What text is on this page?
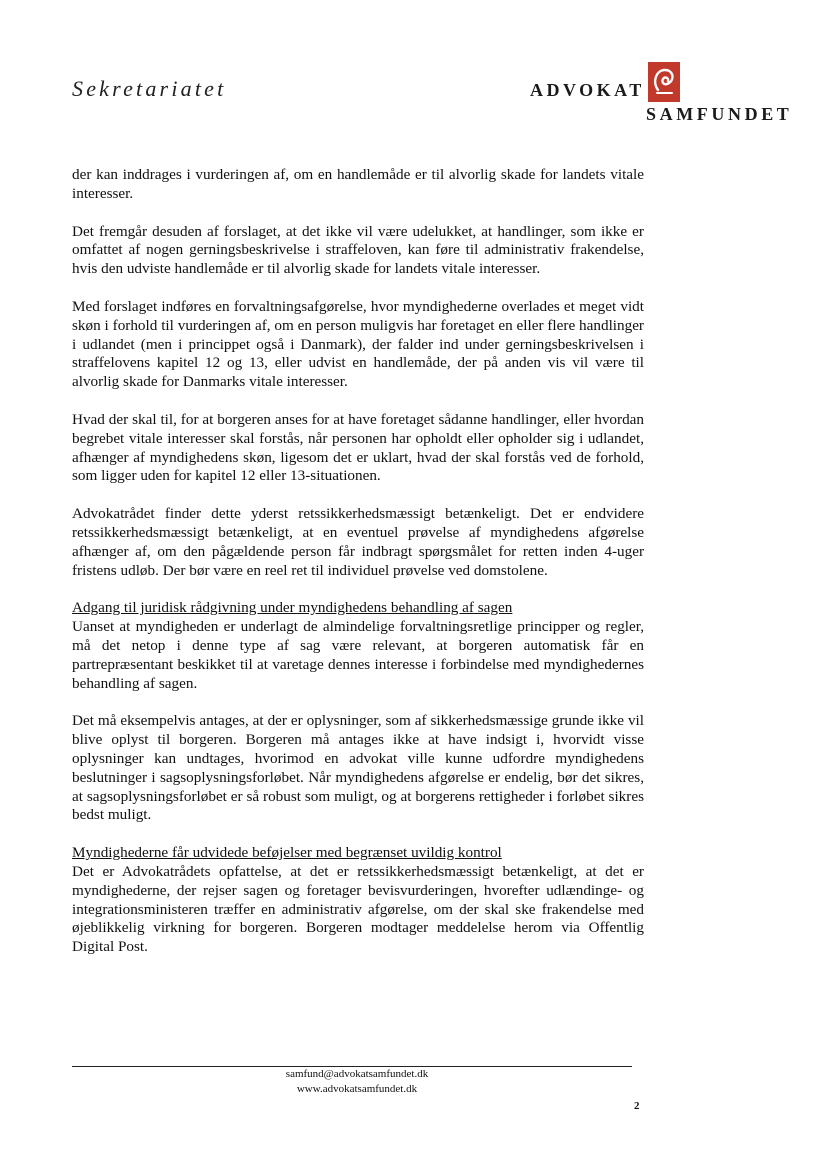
Sekretariatet	ADVOKAT
SAMFUNDET

der kan inddrages i vurderingen af, om en handlemåde er til alvorlig skade for landets vitale interesser.

Det fremgår desuden af forslaget, at det ikke vil være udelukket, at handlinger, som ikke er omfattet af nogen gerningsbeskrivelse i straffeloven, kan føre til administrativ frakendelse, hvis den udviste handlemåde er til alvorlig skade for landets vitale interesser.

Med forslaget indføres en forvaltningsafgørelse, hvor myndighederne overlades et meget vidt skøn i forhold til vurderingen af, om en person muligvis har foretaget en eller flere handlinger i udlandet (men i princippet også i Danmark), der falder ind under gerningsbeskrivelsen i straffelovens kapitel 12 og 13, eller udvist en handlemåde, der på anden vis vil være til alvorlig skade for Danmarks vitale interesser.

Hvad der skal til, for at borgeren anses for at have foretaget sådanne handlinger, eller hvordan begrebet vitale interesser skal forstås, når personen har opholdt eller opholder sig i udlandet, afhænger af myndighedens skøn, ligesom det er uklart, hvad der skal forstås ved de forhold, som ligger uden for kapitel 12 eller 13-situationen.

Advokatrådet finder dette yderst retssikkerhedsmæssigt betænkeligt. Det er endvidere retssikkerhedsmæssigt betænkeligt, at en eventuel prøvelse af myndighedens afgørelse afhænger af, om den pågældende person får indbragt spørgsmålet for retten inden 4-uger fristens udløb. Der bør være en reel ret til individuel prøvelse ved domstolene.

Adgang til juridisk rådgivning under myndighedens behandling af sagen

Uanset at myndigheden er underlagt de almindelige forvaltningsretlige principper og regler, må det netop i denne type af sag være relevant, at borgeren automatisk får en partrepræsentant beskikket til at varetage dennes interesse i forbindelse med myndighedernes behandling af sagen.

Det må eksempelvis antages, at der er oplysninger, som af sikkerhedsmæssige grunde ikke vil blive oplyst til borgeren. Borgeren må antages ikke at have indsigt i, hvorvidt visse oplysninger kan undtages, hvorimod en advokat ville kunne udfordre myndighedens beslutninger i sagsoplysningsforløbet. Når myndighedens afgørelse er endelig, bør det sikres, at sagsoplysningsforløbet er så robust som muligt, og at borgerens rettigheder i forløbet sikres bedst muligt.

Myndighederne får udvidede beføjelser med begrænset uvildig kontrol

Det er Advokatrådets opfattelse, at det er retssikkerhedsmæssigt betænkeligt, at det er myndighederne, der rejser sagen og foretager bevisvurderingen, hvorefter udlændinge- og integrationsministeren træffer en administrativ afgørelse, om der skal ske frakendelse med øjeblikkelig virkning for borgeren. Borgeren modtager meddelelse herom via Offentlig Digital Post.

samfund@advokatsamfundet.dk
www.advokatsamfundet.dk
2
